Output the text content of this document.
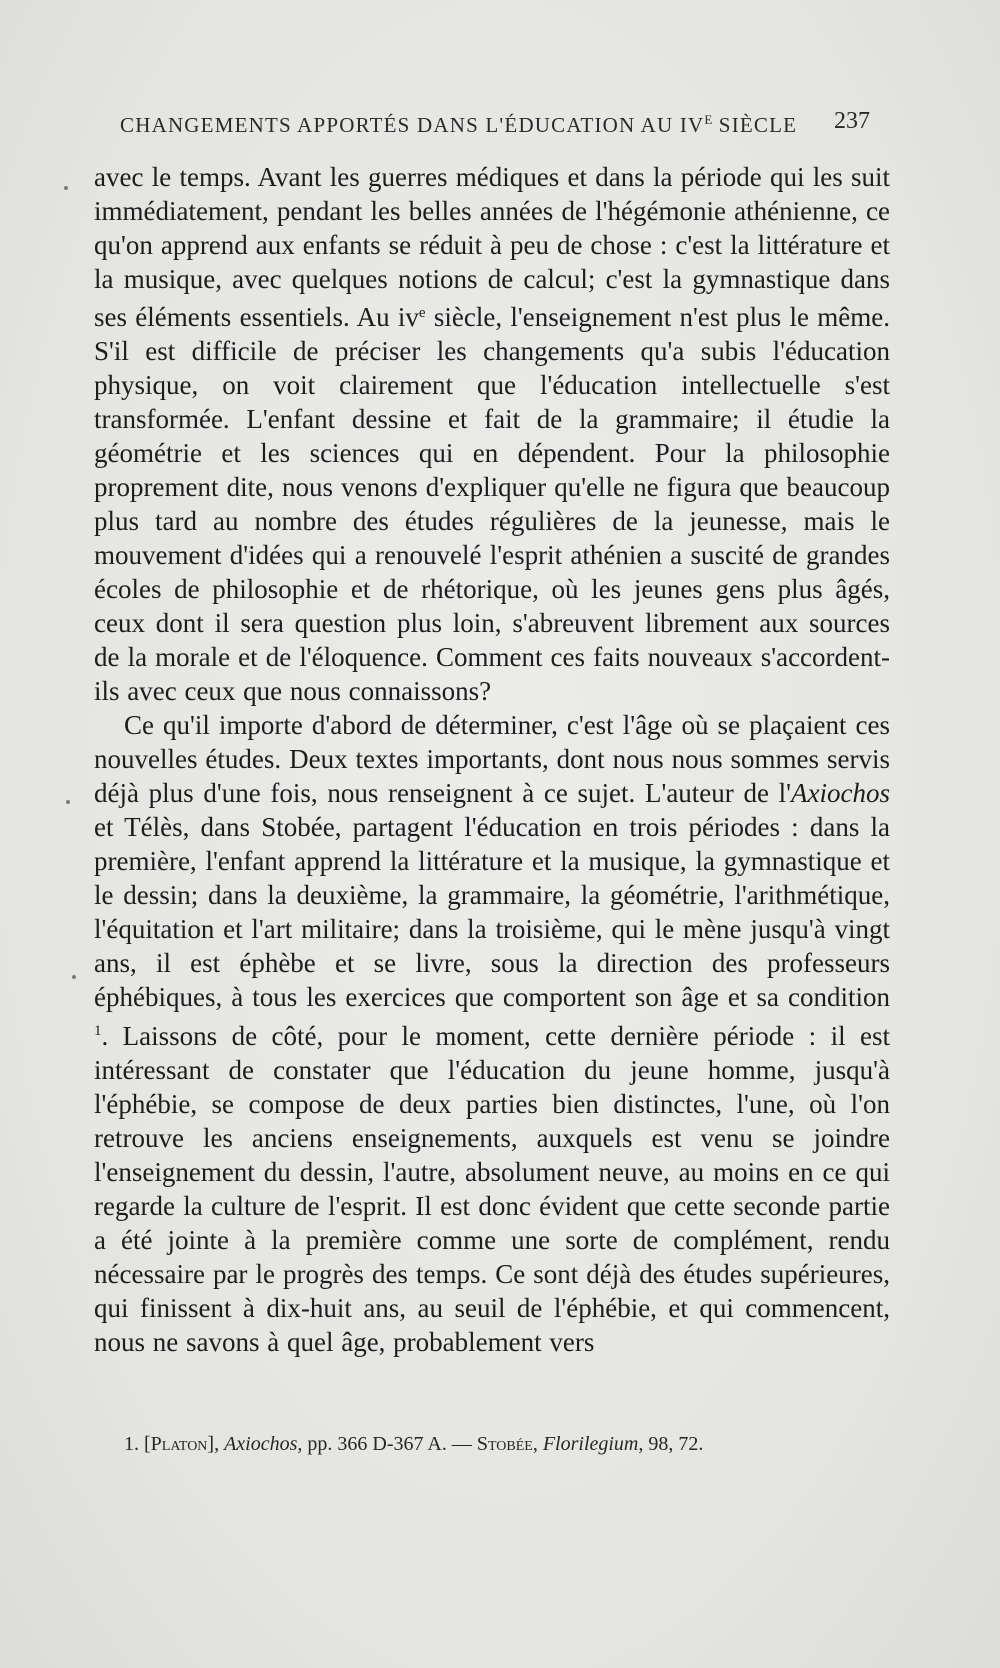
CHANGEMENTS APPORTÉS DANS L'ÉDUCATION AU $IV^E$ SIÈCLE 237

avec le temps. Avant les guerres médiques et dans la période qui les suit immédiatement, pendant les belles années de l'hégémonie athénienne, ce qu'on apprend aux enfants se réduit à peu de chose : c'est la littérature et la musique, avec quelques notions de calcul; c'est la gymnastique dans ses éléments essentiels. Au $iv^e$ siècle, l'enseignement n'est plus le même. S'il est difficile de préciser les changements qu'a subis l'éducation physique, on voit clairement que l'éducation intellectuelle s'est transformée. L'enfant dessine et fait de la grammaire; il étudie la géométrie et les sciences qui en dépendent. Pour la philosophie proprement dite, nous venons d'expliquer qu'elle ne figura que beaucoup plus tard au nombre des études régulières de la jeunesse, mais le mouvement d'idées qui a renouvelé l'esprit athénien a suscité de grandes écoles de philosophie et de rhétorique, où les jeunes gens plus âgés, ceux dont il sera question plus loin, s'abreuvent librement aux sources de la morale et de l'éloquence. Comment ces faits nouveaux s'accordent-ils avec ceux que nous connaissons?

Ce qu'il importe d'abord de déterminer, c'est l'âge où se plaçaient ces nouvelles études. Deux textes importants, dont nous nous sommes servis déjà plus d'une fois, nous renseignent à ce sujet. L'auteur de l'Axiochos et Télès, dans Stobée, partagent l'éducation en trois périodes : dans la première, l'enfant apprend la littérature et la musique, la gymnastique et le dessin; dans la deuxième, la grammaire, la géométrie, l'arithmétique, l'équitation et l'art militaire; dans la troisième, qui le mène jusqu'à vingt ans, il est éphèbe et se livre, sous la direction des professeurs éphébiques, à tous les exercices que comportent son âge et sa condition $^1$. Laissons de côté, pour le moment, cette dernière période : il est intéressant de constater que l'éducation du jeune homme, jusqu'à l'éphébie, se compose de deux parties bien distinctes, l'une, où l'on retrouve les anciens enseignements, auxquels est venu se joindre l'enseignement du dessin, l'autre, absolument neuve, au moins en ce qui regarde la culture de l'esprit. Il est donc évident que cette seconde partie a été jointe à la première comme une sorte de complément, rendu nécessaire par le progrès des temps. Ce sont déjà des études supérieures, qui finissent à dix-huit ans, au seuil de l'éphébie, et qui commencent, nous ne savons à quel âge, probablement vers

1. [Platon], Axiochos, pp. 366 D-367 A. — Stobée, Florilegium, 98, 72.
